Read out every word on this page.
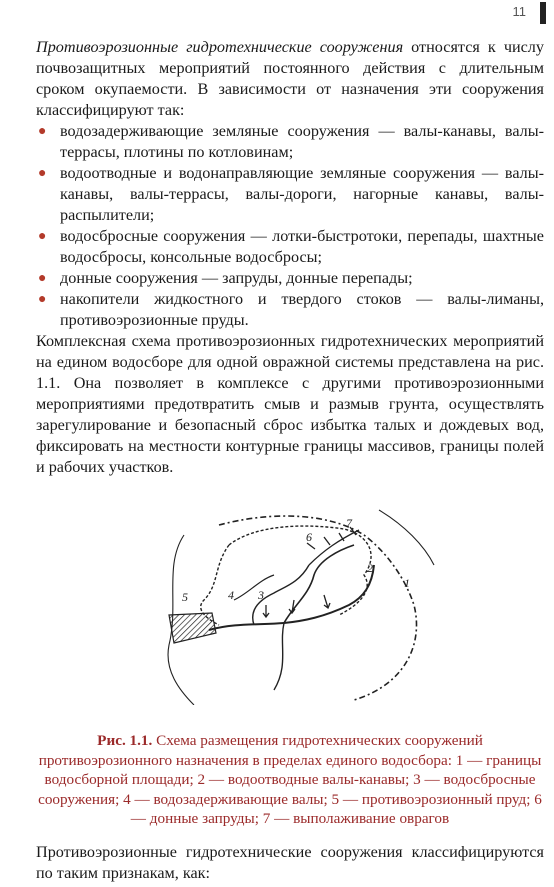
11

Противоэрозионные гидротехнические сооружения относятся к числу почвозащитных мероприятий постоянного действия с длительным сроком окупаемости. В зависимости от назначения эти сооружения классифицируют так:

● водозадерживающие земляные сооружения — валы-канавы, валы-террасы, плотины по котловинам;
● водоотводные и водонаправляющие земляные сооружения — валы-канавы, валы-террасы, валы-дороги, нагорные канавы, валы-распылители;
● водосбросные сооружения — лотки-быстротоки, перепады, шахтные водосбросы, консольные водосбросы;
● донные сооружения — запруды, донные перепады;
● накопители жидкостного и твердого стоков — валы-лиманы, противоэрозионные пруды.

Комплексная схема противоэрозионных гидротехнических мероприятий на едином водосборе для одной овражной системы представлена на рис. 1.1. Она позволяет в комплексе с другими противоэрозионными мероприятиями предотвратить смыв и размыв грунта, осуществлять зарегулирование и безопасный сброс избытка талых и дождевых вод, фиксировать на местности контурные границы массивов, границы полей и рабочих участков.

1
2
3
4
5
6
7
Рис. 1.1. Схема размещения гидротехнических сооружений противоэрозионного назначения в пределах единого водосбора: 1 — границы водосборной площади; 2 — водоотводные валы-канавы; 3 — водосбросные сооружения; 4 — водозадерживающие валы; 5 — противоэрозионный пруд; 6 — донные запруды; 7 — выполаживание оврагов
Противоэрозионные гидротехнические сооружения классифицируются по таким признакам, как:
